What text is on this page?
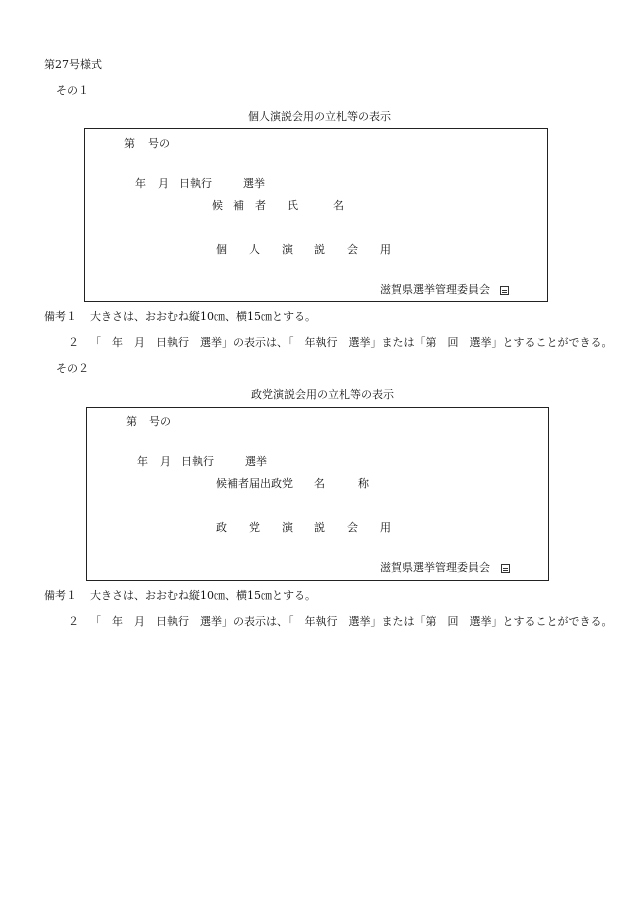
第27号様式
その１
個人演説会用の立札等の表示
第 号の
年 月 日執行	選挙
候 補 者 氏	名
個 人 演 説 会 用
滋賀県選挙管理委員会
備考１ 大きさは、おおむね縦10㎝、横15㎝とする。
２ 「　年　月　日執行　選挙」の表示は、「　年執行　選挙」または「第　回　選挙」とすることができる。
その２
政党演説会用の立札等の表示
第 号の
年 月 日執行	選挙
候補者届出政党 名	称
政 党 演 説 会 用
滋賀県選挙管理委員会
備考１ 大きさは、おおむね縦10㎝、横15㎝とする。
２ 「　年　月　日執行　選挙」の表示は、「　年執行　選挙」または「第　回　選挙」とすることができる。
